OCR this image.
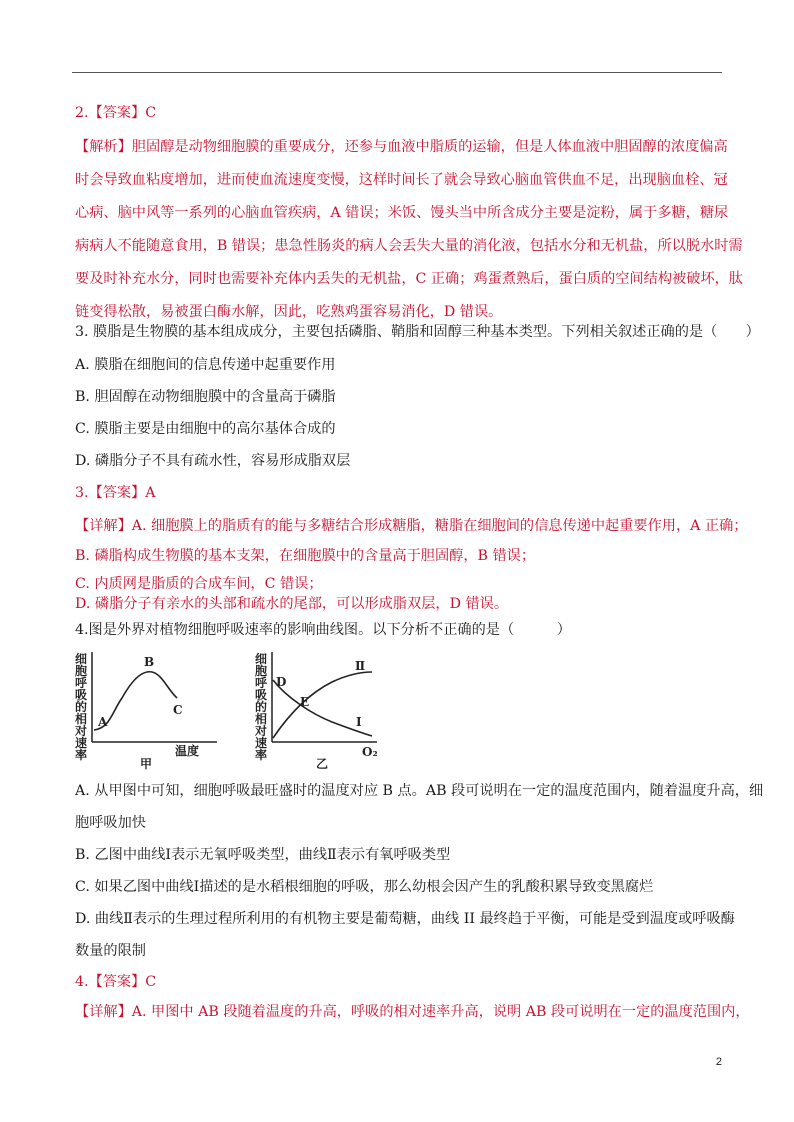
2.【答案】C
【解析】胆固醇是动物细胞膜的重要成分，还参与血液中脂质的运输，但是人体血液中胆固醇的浓度偏高
时会导致血粘度增加，进而使血流速度变慢，这样时间长了就会导致心脑血管供血不足，出现脑血栓、冠
心病、脑中风等一系列的心脑血管疾病，A 错误；米饭、馒头当中所含成分主要是淀粉，属于多糖，糖尿
病病人不能随意食用，B 错误；患急性肠炎的病人会丢失大量的消化液，包括水分和无机盐，所以脱水时需
要及时补充水分，同时也需要补充体内丢失的无机盐，C 正确；鸡蛋煮熟后，蛋白质的空间结构被破坏，肽
链变得松散，易被蛋白酶水解，因此，吃熟鸡蛋容易消化，D 错误。
3. 膜脂是生物膜的基本组成成分，主要包括磷脂、鞘脂和固醇三种基本类型。下列相关叙述正确的是（　　）
A. 膜脂在细胞间的信息传递中起重要作用
B. 胆固醇在动物细胞膜中的含量高于磷脂
C. 膜脂主要是由细胞中的高尔基体合成的
D. 磷脂分子不具有疏水性，容易形成脂双层
3.【答案】A
【详解】A. 细胞膜上的脂质有的能与多糖结合形成糖脂，糖脂在细胞间的信息传递中起重要作用，A 正确；
B. 磷脂构成生物膜的基本支架，在细胞膜中的含量高于胆固醇，B 错误；
C. 内质网是脂质的合成车间，C 错误；
D. 磷脂分子有亲水的头部和疏水的尾部，可以形成脂双层，D 错误。
4.图是外界对植物细胞呼吸速率的影响曲线图。以下分析不正确的是（　　　）
细
胞
呼
吸
的
相
对
速
率
A
B
C
温度
甲
细
胞
呼
吸
的
相
对
速
率
D
E
Ⅱ
Ⅰ
O₂
乙
A. 从甲图中可知，细胞呼吸最旺盛时的温度对应 B 点。AB 段可说明在一定的温度范围内，随着温度升高，细
胞呼吸加快
B. 乙图中曲线Ⅰ表示无氧呼吸类型，曲线Ⅱ表示有氧呼吸类型
C. 如果乙图中曲线Ⅰ描述的是水稻根细胞的呼吸，那么幼根会因产生的乳酸积累导致变黑腐烂
D. 曲线Ⅱ表示的生理过程所利用的有机物主要是葡萄糖，曲线 II 最终趋于平衡，可能是受到温度或呼吸酶
数量的限制
4.【答案】C
【详解】A. 甲图中 AB 段随着温度的升高，呼吸的相对速率升高，说明 AB 段可说明在一定的温度范围内，
2
